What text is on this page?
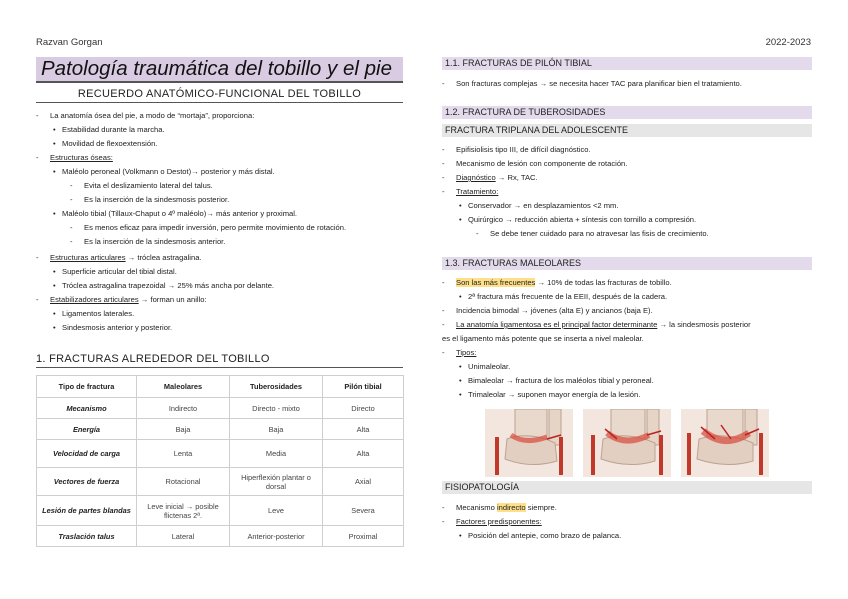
Razvan Gorgan	2022-2023
Patología traumática del tobillo y el pie
RECUERDO ANATÓMICO-FUNCIONAL DEL TOBILLO
- La anatomía ósea del pie, a modo de “mortaja”, proporciona:
• Estabilidad durante la marcha.
• Movilidad de flexoextensión.
- Estructuras óseas:
• Maléolo peroneal (Volkmann o Destot)→ posterior y más distal.
- Evita el deslizamiento lateral del talus.
- Es la inserción de la sindesmosis posterior.
• Maléolo tibial (Tillaux-Chaput o 4º maléolo)→ más anterior y proximal.
- Es menos eficaz para impedir inversión, pero permite movimiento de rotación.
- Es la inserción de la sindesmosis anterior.
- Estructuras articulares → tróclea astragalina.
• Superficie articular del tibial distal.
• Tróclea astragalina trapezoidal → 25% más ancha por delante.
- Estabilizadores articulares → forman un anillo:
• Ligamentos laterales.
• Sindesmosis anterior y posterior.
1. FRACTURAS ALREDEDOR DEL TOBILLO
Tipo de fractura	Maleolares	Tuberosidades	Pilón tibial
Mecanismo	Indirecto	Directo - mixto	Directo
Energía	Baja	Baja	Alta
Velocidad de carga	Lenta	Media	Alta
Vectores de fuerza	Rotacional	Hiperflexión plantar o dorsal	Axial
Lesión de partes blandas	Leve inicial → posible flictenas 2ª.	Leve	Severa
Traslación talus	Lateral	Anterior-posterior	Proximal
1.1. FRACTURAS DE PILÓN TIBIAL
- Son fracturas complejas → se necesita hacer TAC para planificar bien el tratamiento.
1.2. FRACTURA DE TUBEROSIDADES
FRACTURA TRIPLANA DEL ADOLESCENTE
- Epifisiolisis tipo III, de difícil diagnóstico.
- Mecanismo de lesión con componente de rotación.
- Diagnóstico → Rx, TAC.
- Tratamiento:
• Conservador → en desplazamientos <2 mm.
• Quirúrgico → reducción abierta + síntesis con tornillo a compresión.
- Se debe tener cuidado para no atravesar las fisis de crecimiento.
1.3. FRACTURAS MALEOLARES
- Son las más frecuentes → 10% de todas las fracturas de tobillo.
• 2ª fractura más frecuente de la EEII, después de la cadera.
- Incidencia bimodal → jóvenes (alta E) y ancianos (baja E).
- La anatomía ligamentosa es el principal factor determinante → la sindesmosis posterior
es el ligamento más potente que se inserta a nivel maleolar.
- Tipos:
• Unimaleolar.
• Bimaleolar → fractura de los maléolos tibial y peroneal.
• Trimaleolar → suponen mayor energía de la lesión.
FISIOPATOLOGÍA
- Mecanismo indirecto siempre.
- Factores predisponentes:
• Posición del antepie, como brazo de palanca.
